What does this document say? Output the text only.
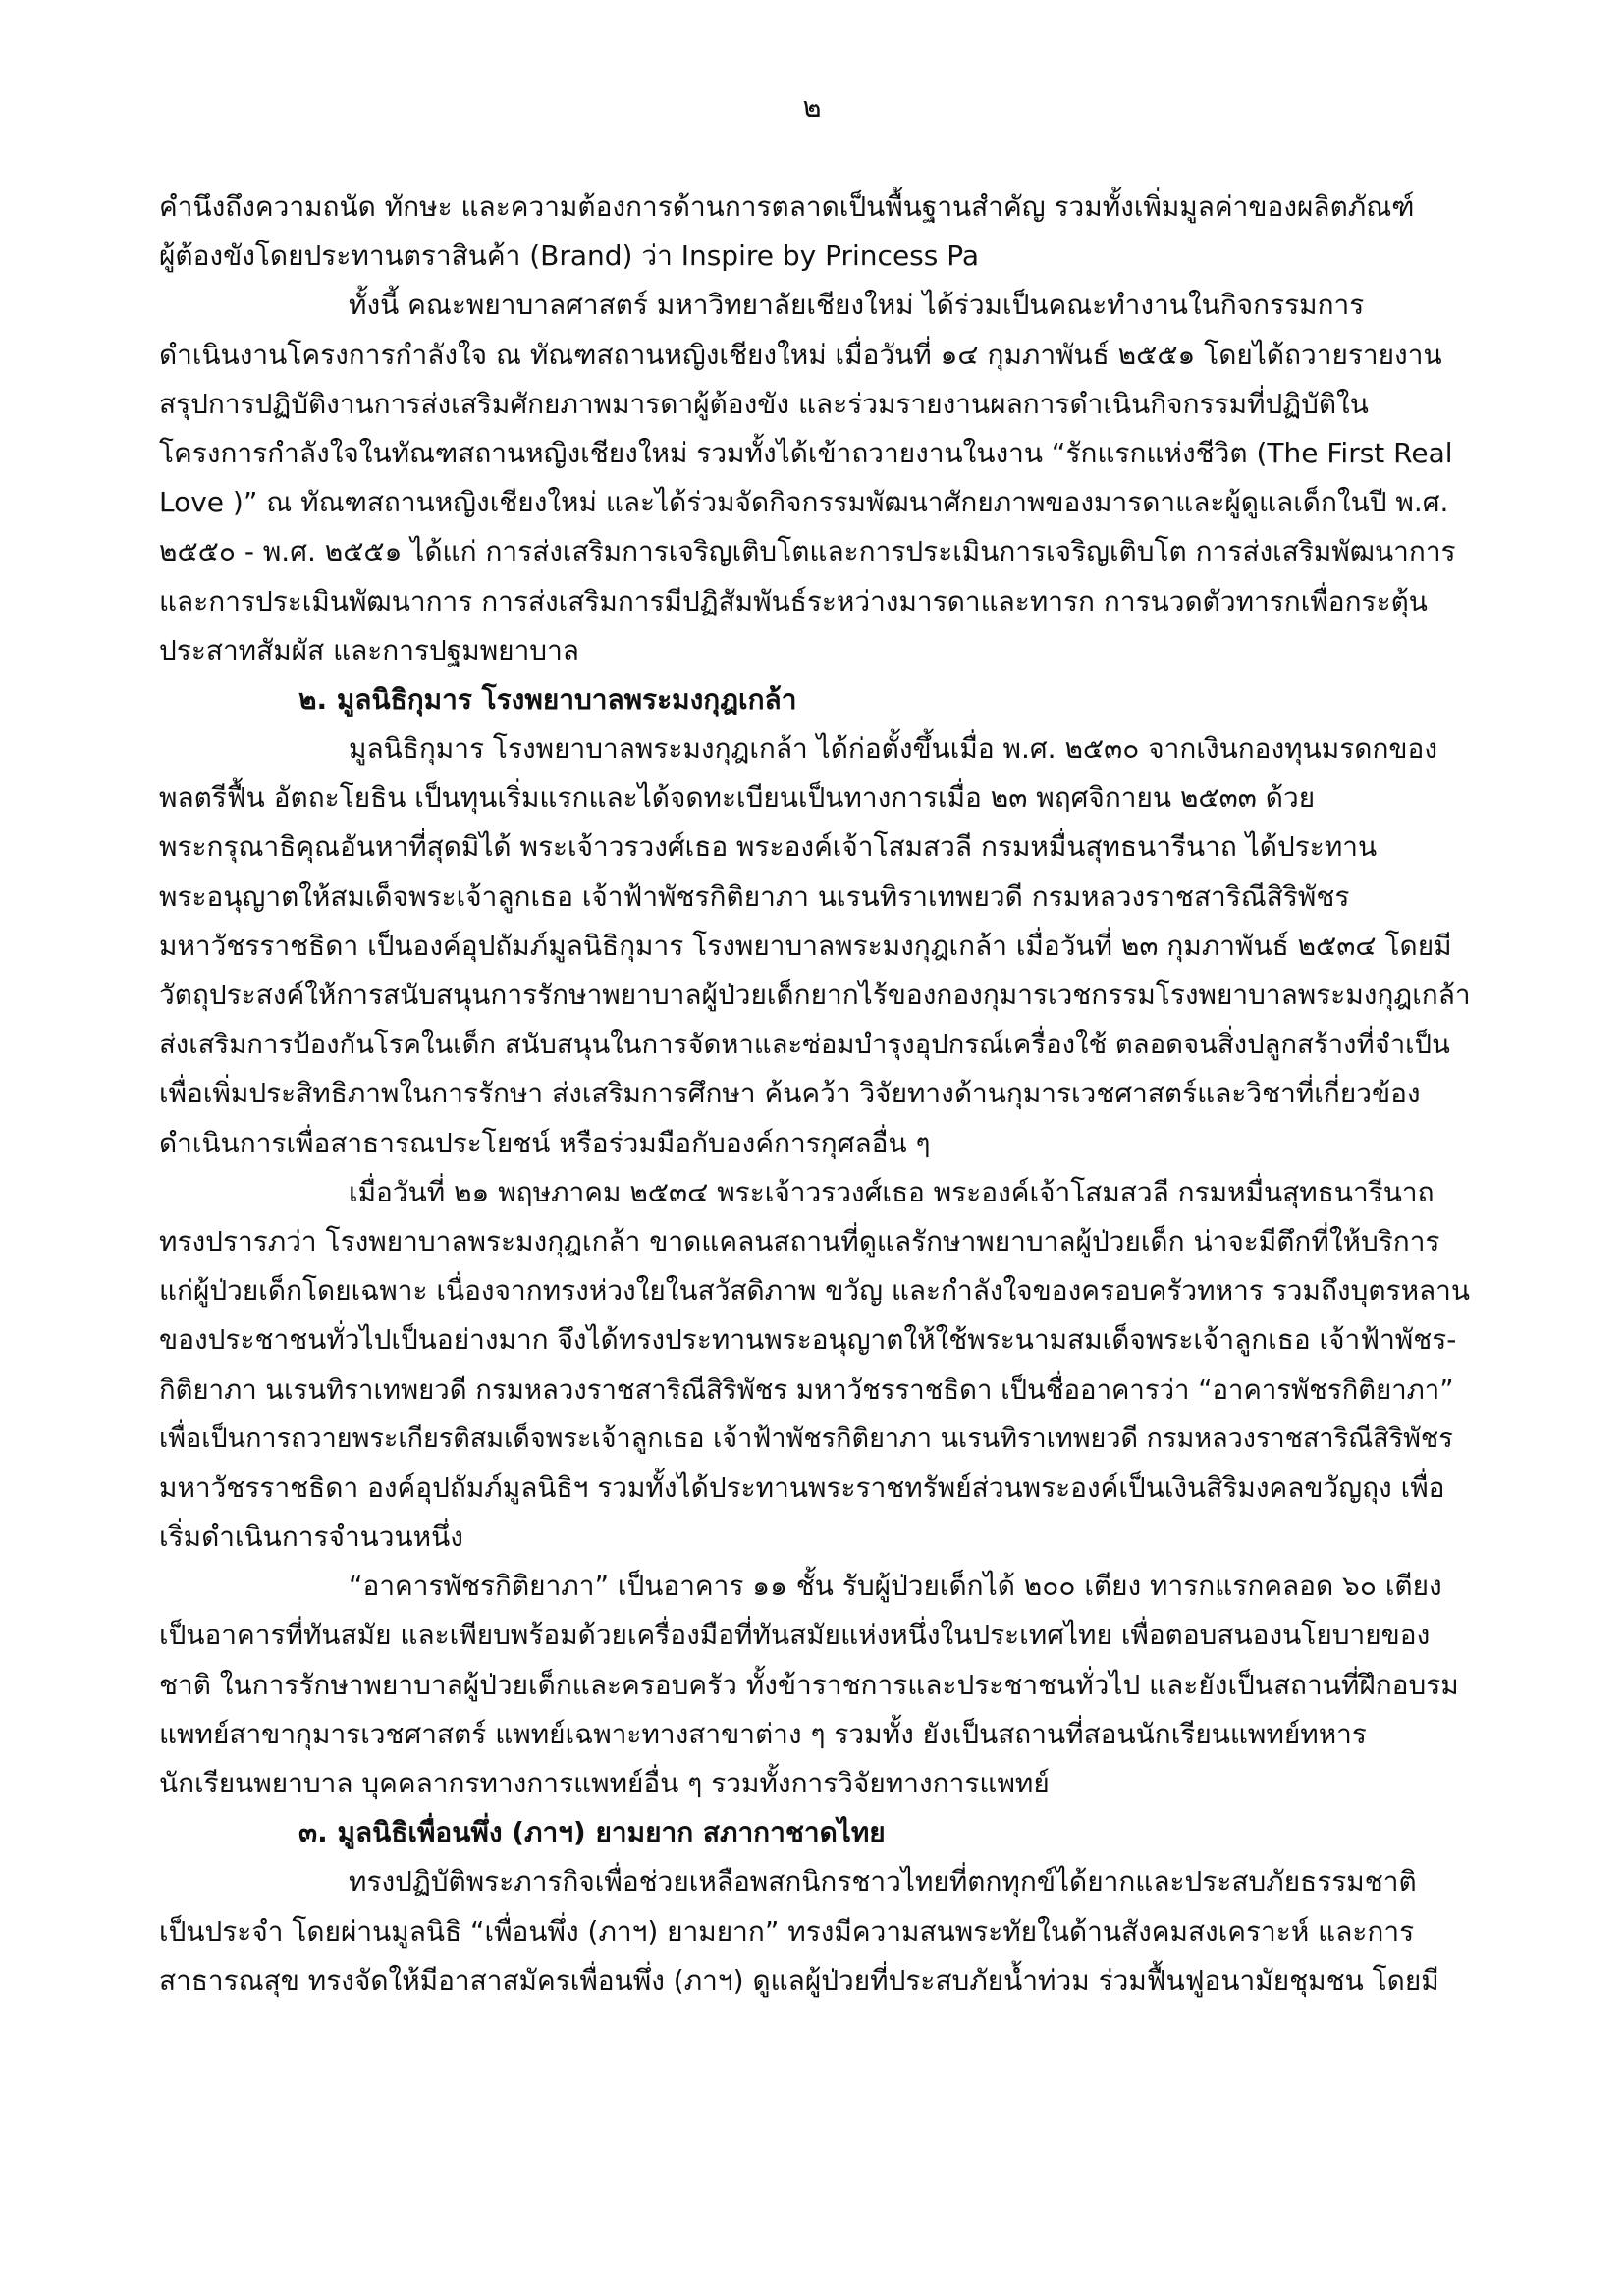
๒
คำนึงถึงความถนัด ทักษะ และความต้องการด้านการตลาดเป็นพื้นฐานสำคัญ รวมทั้งเพิ่มมูลค่าของผลิตภัณฑ์
ผู้ต้องขังโดยประทานตราสินค้า (Brand) ว่า Inspire by Princess Pa
ทั้งนี้ คณะพยาบาลศาสตร์ มหาวิทยาลัยเชียงใหม่ ได้ร่วมเป็นคณะทำงานในกิจกรรมการ
ดำเนินงานโครงการกำลังใจ ณ ทัณฑสถานหญิงเชียงใหม่ เมื่อวันที่ ๑๔ กุมภาพันธ์ ๒๕๕๑ โดยได้ถวายรายงาน
สรุปการปฏิบัติงานการส่งเสริมศักยภาพมารดาผู้ต้องขัง และร่วมรายงานผลการดำเนินกิจกรรมที่ปฏิบัติใน
โครงการกำลังใจในทัณฑสถานหญิงเชียงใหม่ รวมทั้งได้เข้าถวายงานในงาน “รักแรกแห่งชีวิต (The First Real
Love )” ณ ทัณฑสถานหญิงเชียงใหม่ และได้ร่วมจัดกิจกรรมพัฒนาศักยภาพของมารดาและผู้ดูแลเด็กในปี พ.ศ.
๒๕๕๐ - พ.ศ. ๒๕๕๑ ได้แก่ การส่งเสริมการเจริญเติบโตและการประเมินการเจริญเติบโต การส่งเสริมพัฒนาการ
และการประเมินพัฒนาการ การส่งเสริมการมีปฏิสัมพันธ์ระหว่างมารดาและทารก การนวดตัวทารกเพื่อกระตุ้น
ประสาทสัมผัส และการปฐมพยาบาล
๒. มูลนิธิกุมาร โรงพยาบาลพระมงกุฎเกล้า
มูลนิธิกุมาร โรงพยาบาลพระมงกุฎเกล้า ได้ก่อตั้งขึ้นเมื่อ พ.ศ. ๒๕๓๐ จากเงินกองทุนมรดกของ
พลตรีฟื้น อัตถะโยธิน เป็นทุนเริ่มแรกและได้จดทะเบียนเป็นทางการเมื่อ ๒๓ พฤศจิกายน ๒๕๓๓ ด้วย
พระกรุณาธิคุณอันหาที่สุดมิได้ พระเจ้าวรวงศ์เธอ พระองค์เจ้าโสมสวลี กรมหมื่นสุทธนารีนาถ ได้ประทาน
พระอนุญาตให้สมเด็จพระเจ้าลูกเธอ เจ้าฟ้าพัชรกิติยาภา นเรนทิราเทพยวดี กรมหลวงราชสาริณีสิริพัชร
มหาวัชรราชธิดา เป็นองค์อุปถัมภ์มูลนิธิกุมาร โรงพยาบาลพระมงกุฎเกล้า เมื่อวันที่ ๒๓ กุมภาพันธ์ ๒๕๓๔ โดยมี
วัตถุประสงค์ให้การสนับสนุนการรักษาพยาบาลผู้ป่วยเด็กยากไร้ของกองกุมารเวชกรรมโรงพยาบาลพระมงกุฎเกล้า
ส่งเสริมการป้องกันโรคในเด็ก สนับสนุนในการจัดหาและซ่อมบำรุงอุปกรณ์เครื่องใช้ ตลอดจนสิ่งปลูกสร้างที่จำเป็น
เพื่อเพิ่มประสิทธิภาพในการรักษา ส่งเสริมการศึกษา ค้นคว้า วิจัยทางด้านกุมารเวชศาสตร์และวิชาที่เกี่ยวข้อง
ดำเนินการเพื่อสาธารณประโยชน์ หรือร่วมมือกับองค์การกุศลอื่น ๆ
เมื่อวันที่ ๒๑ พฤษภาคม ๒๕๓๔ พระเจ้าวรวงศ์เธอ พระองค์เจ้าโสมสวลี กรมหมื่นสุทธนารีนาถ
ทรงปรารภว่า โรงพยาบาลพระมงกุฎเกล้า ขาดแคลนสถานที่ดูแลรักษาพยาบาลผู้ป่วยเด็ก น่าจะมีตึกที่ให้บริการ
แก่ผู้ป่วยเด็กโดยเฉพาะ เนื่องจากทรงห่วงใยในสวัสดิภาพ ขวัญ และกำลังใจของครอบครัวทหาร รวมถึงบุตรหลาน
ของประชาชนทั่วไปเป็นอย่างมาก จึงได้ทรงประทานพระอนุญาตให้ใช้พระนามสมเด็จพระเจ้าลูกเธอ เจ้าฟ้าพัชร-
กิติยาภา นเรนทิราเทพยวดี กรมหลวงราชสาริณีสิริพัชร มหาวัชรราชธิดา เป็นชื่ออาคารว่า “อาคารพัชรกิติยาภา”
เพื่อเป็นการถวายพระเกียรติสมเด็จพระเจ้าลูกเธอ เจ้าฟ้าพัชรกิติยาภา นเรนทิราเทพยวดี กรมหลวงราชสาริณีสิริพัชร
มหาวัชรราชธิดา องค์อุปถัมภ์มูลนิธิฯ รวมทั้งได้ประทานพระราชทรัพย์ส่วนพระองค์เป็นเงินสิริมงคลขวัญถุง เพื่อ
เริ่มดำเนินการจำนวนหนึ่ง
“อาคารพัชรกิติยาภา” เป็นอาคาร ๑๑ ชั้น รับผู้ป่วยเด็กได้ ๒๐๐ เตียง ทารกแรกคลอด ๖๐ เตียง
เป็นอาคารที่ทันสมัย และเพียบพร้อมด้วยเครื่องมือที่ทันสมัยแห่งหนึ่งในประเทศไทย เพื่อตอบสนองนโยบายของ
ชาติ ในการรักษาพยาบาลผู้ป่วยเด็กและครอบครัว ทั้งข้าราชการและประชาชนทั่วไป และยังเป็นสถานที่ฝึกอบรม
แพทย์สาขากุมารเวชศาสตร์ แพทย์เฉพาะทางสาขาต่าง ๆ รวมทั้ง ยังเป็นสถานที่สอนนักเรียนแพทย์ทหาร
นักเรียนพยาบาล บุคคลากรทางการแพทย์อื่น ๆ รวมทั้งการวิจัยทางการแพทย์
๓. มูลนิธิเพื่อนพึ่ง (ภาฯ) ยามยาก สภากาชาดไทย
ทรงปฏิบัติพระภารกิจเพื่อช่วยเหลือพสกนิกรชาวไทยที่ตกทุกข์ได้ยากและประสบภัยธรรมชาติ
เป็นประจำ โดยผ่านมูลนิธิ “เพื่อนพึ่ง (ภาฯ) ยามยาก” ทรงมีความสนพระทัยในด้านสังคมสงเคราะห์ และการ
สาธารณสุข ทรงจัดให้มีอาสาสมัครเพื่อนพึ่ง (ภาฯ) ดูแลผู้ป่วยที่ประสบภัยน้ำท่วม ร่วมฟื้นฟูอนามัยชุมชน โดยมี
